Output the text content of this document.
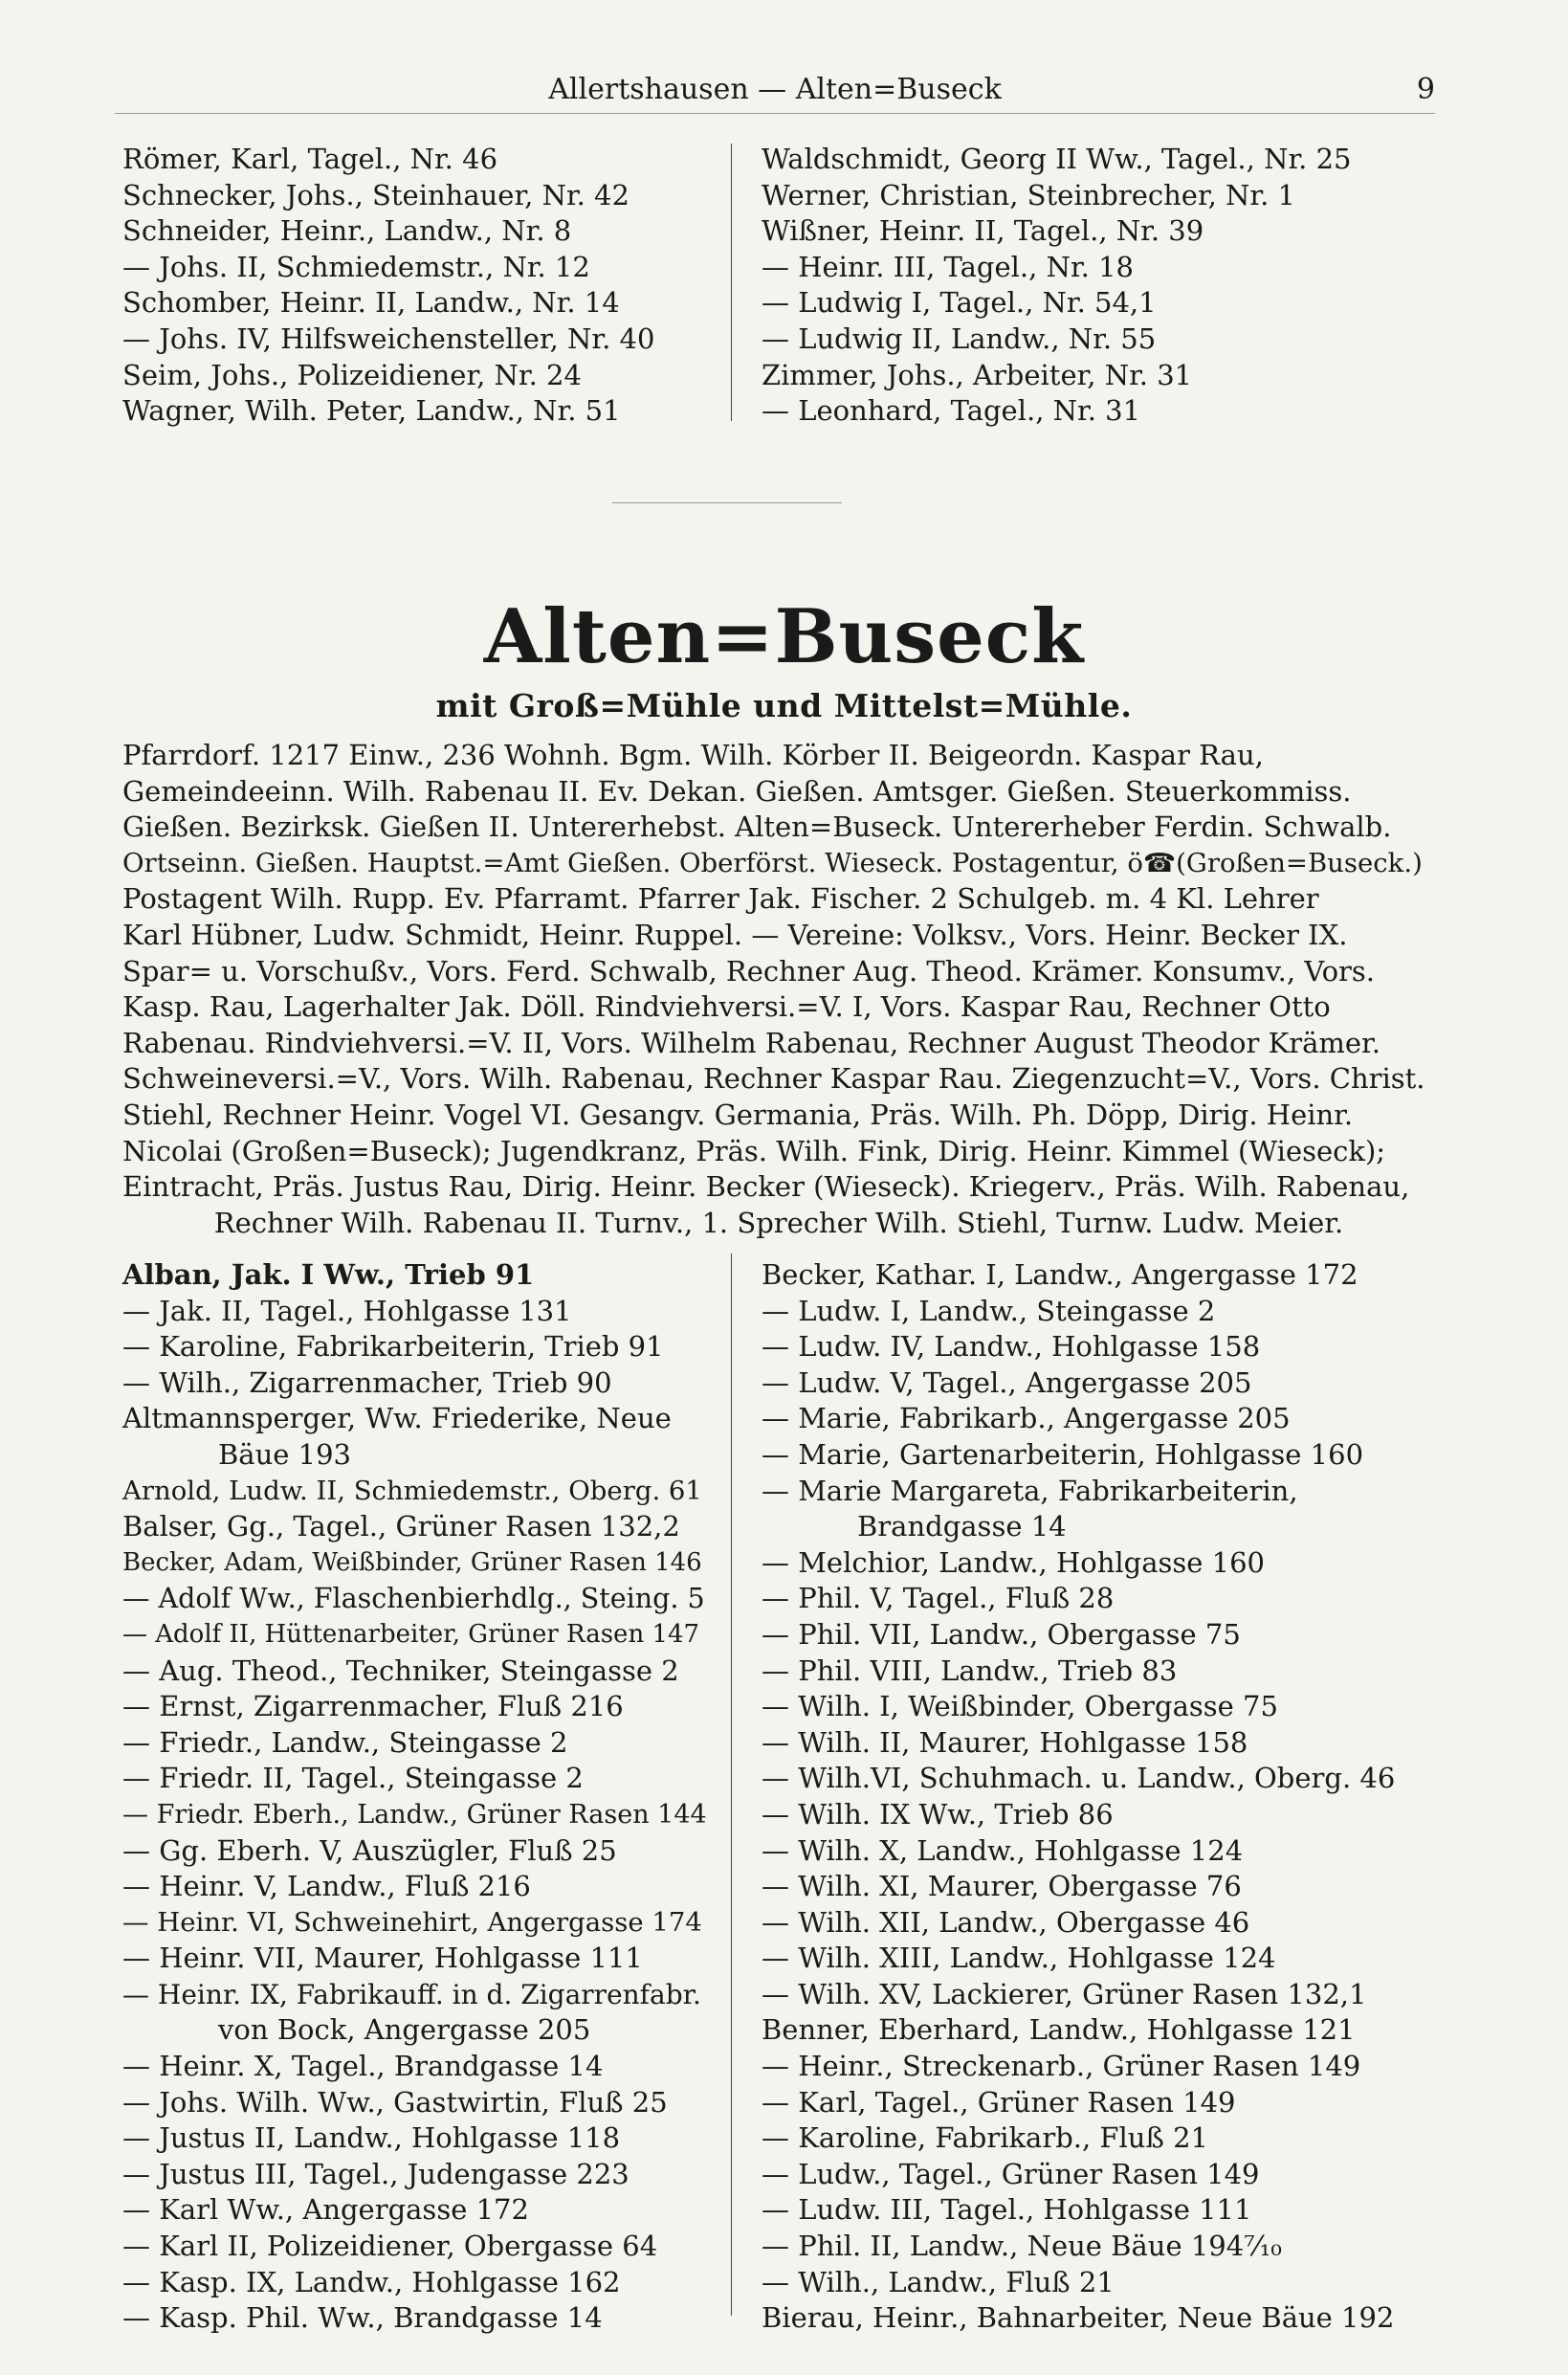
Allertshausen — Alten=Buseck	9
Römer, Karl, Tagel., Nr. 46
Schnecker, Johs., Steinhauer, Nr. 42
Schneider, Heinr., Landw., Nr. 8
— Johs. II, Schmiedemstr., Nr. 12
Schomber, Heinr. II, Landw., Nr. 14
— Johs. IV, Hilfsweichensteller, Nr. 40
Seim, Johs., Polizeidiener, Nr. 24
Wagner, Wilh. Peter, Landw., Nr. 51
Waldschmidt, Georg II Ww., Tagel., Nr. 25
Werner, Christian, Steinbrecher, Nr. 1
Wißner, Heinr. II, Tagel., Nr. 39
— Heinr. III, Tagel., Nr. 18
— Ludwig I, Tagel., Nr. 54,1
— Ludwig II, Landw., Nr. 55
Zimmer, Johs., Arbeiter, Nr. 31
— Leonhard, Tagel., Nr. 31
Alten=Buseck
mit Groß=Mühle und Mittelst=Mühle.

Pfarrdorf. 1217 Einw., 236 Wohnh. Bgm. Wilh. Körber II. Beigeordn. Kaspar Rau,

Gemeindeeinn. Wilh. Rabenau II. Ev. Dekan. Gießen. Amtsger. Gießen. Steuerkommiss.

Gießen. Bezirksk. Gießen II. Untererhebst. Alten=Buseck. Untererheber Ferdin. Schwalb.

Ortseinn. Gießen. Hauptst.=Amt Gießen. Oberförst. Wieseck. Postagentur, ö☎(Großen=Buseck.)

Postagent Wilh. Rupp. Ev. Pfarramt. Pfarrer Jak. Fischer. 2 Schulgeb. m. 4 Kl. Lehrer

Karl Hübner, Ludw. Schmidt, Heinr. Ruppel. — Vereine: Volksv., Vors. Heinr. Becker IX.

Spar= u. Vorschußv., Vors. Ferd. Schwalb, Rechner Aug. Theod. Krämer. Konsumv., Vors.

Kasp. Rau, Lagerhalter Jak. Döll. Rindviehversi.=V. I, Vors. Kaspar Rau, Rechner Otto

Rabenau. Rindviehversi.=V. II, Vors. Wilhelm Rabenau, Rechner August Theodor Krämer.

Schweineversi.=V., Vors. Wilh. Rabenau, Rechner Kaspar Rau. Ziegenzucht=V., Vors. Christ.

Stiehl, Rechner Heinr. Vogel VI. Gesangv. Germania, Präs. Wilh. Ph. Döpp, Dirig. Heinr.

Nicolai (Großen=Buseck); Jugendkranz, Präs. Wilh. Fink, Dirig. Heinr. Kimmel (Wieseck);

Eintracht, Präs. Justus Rau, Dirig. Heinr. Becker (Wieseck). Kriegerv., Präs. Wilh. Rabenau,

Rechner Wilh. Rabenau II. Turnv., 1. Sprecher Wilh. Stiehl, Turnw. Ludw. Meier.

Alban, Jak. I Ww., Trieb 91
— Jak. II, Tagel., Hohlgasse 131
— Karoline, Fabrikarbeiterin, Trieb 91
— Wilh., Zigarrenmacher, Trieb 90
Altmannsperger, Ww. Friederike, Neue
Bäue 193
Arnold, Ludw. II, Schmiedemstr., Oberg. 61
Balser, Gg., Tagel., Grüner Rasen 132,2
Becker, Adam, Weißbinder, Grüner Rasen 146
— Adolf Ww., Flaschenbierhdlg., Steing. 5
— Adolf II, Hüttenarbeiter, Grüner Rasen 147
— Aug. Theod., Techniker, Steingasse 2
— Ernst, Zigarrenmacher, Fluß 216
— Friedr., Landw., Steingasse 2
— Friedr. II, Tagel., Steingasse 2
— Friedr. Eberh., Landw., Grüner Rasen 144
— Gg. Eberh. V, Auszügler, Fluß 25
— Heinr. V, Landw., Fluß 216
— Heinr. VI, Schweinehirt, Angergasse 174
— Heinr. VII, Maurer, Hohlgasse 111
— Heinr. IX, Fabrikauff. in d. Zigarrenfabr.
von Bock, Angergasse 205
— Heinr. X, Tagel., Brandgasse 14
— Johs. Wilh. Ww., Gastwirtin, Fluß 25
— Justus II, Landw., Hohlgasse 118
— Justus III, Tagel., Judengasse 223
— Karl Ww., Angergasse 172
— Karl II, Polizeidiener, Obergasse 64
— Kasp. IX, Landw., Hohlgasse 162
— Kasp. Phil. Ww., Brandgasse 14
Becker, Kathar. I, Landw., Angergasse 172
— Ludw. I, Landw., Steingasse 2
— Ludw. IV, Landw., Hohlgasse 158
— Ludw. V, Tagel., Angergasse 205
— Marie, Fabrikarb., Angergasse 205
— Marie, Gartenarbeiterin, Hohlgasse 160
— Marie Margareta, Fabrikarbeiterin,
Brandgasse 14
— Melchior, Landw., Hohlgasse 160
— Phil. V, Tagel., Fluß 28
— Phil. VII, Landw., Obergasse 75
— Phil. VIII, Landw., Trieb 83
— Wilh. I, Weißbinder, Obergasse 75
— Wilh. II, Maurer, Hohlgasse 158
— Wilh.VI, Schuhmach. u. Landw., Oberg. 46
— Wilh. IX Ww., Trieb 86
— Wilh. X, Landw., Hohlgasse 124
— Wilh. XI, Maurer, Obergasse 76
— Wilh. XII, Landw., Obergasse 46
— Wilh. XIII, Landw., Hohlgasse 124
— Wilh. XV, Lackierer, Grüner Rasen 132,1
Benner, Eberhard, Landw., Hohlgasse 121
— Heinr., Streckenarb., Grüner Rasen 149
— Karl, Tagel., Grüner Rasen 149
— Karoline, Fabrikarb., Fluß 21
— Ludw., Tagel., Grüner Rasen 149
— Ludw. III, Tagel., Hohlgasse 111
— Phil. II, Landw., Neue Bäue 194⁷⁄₁₀
— Wilh., Landw., Fluß 21
Bierau, Heinr., Bahnarbeiter, Neue Bäue 192
